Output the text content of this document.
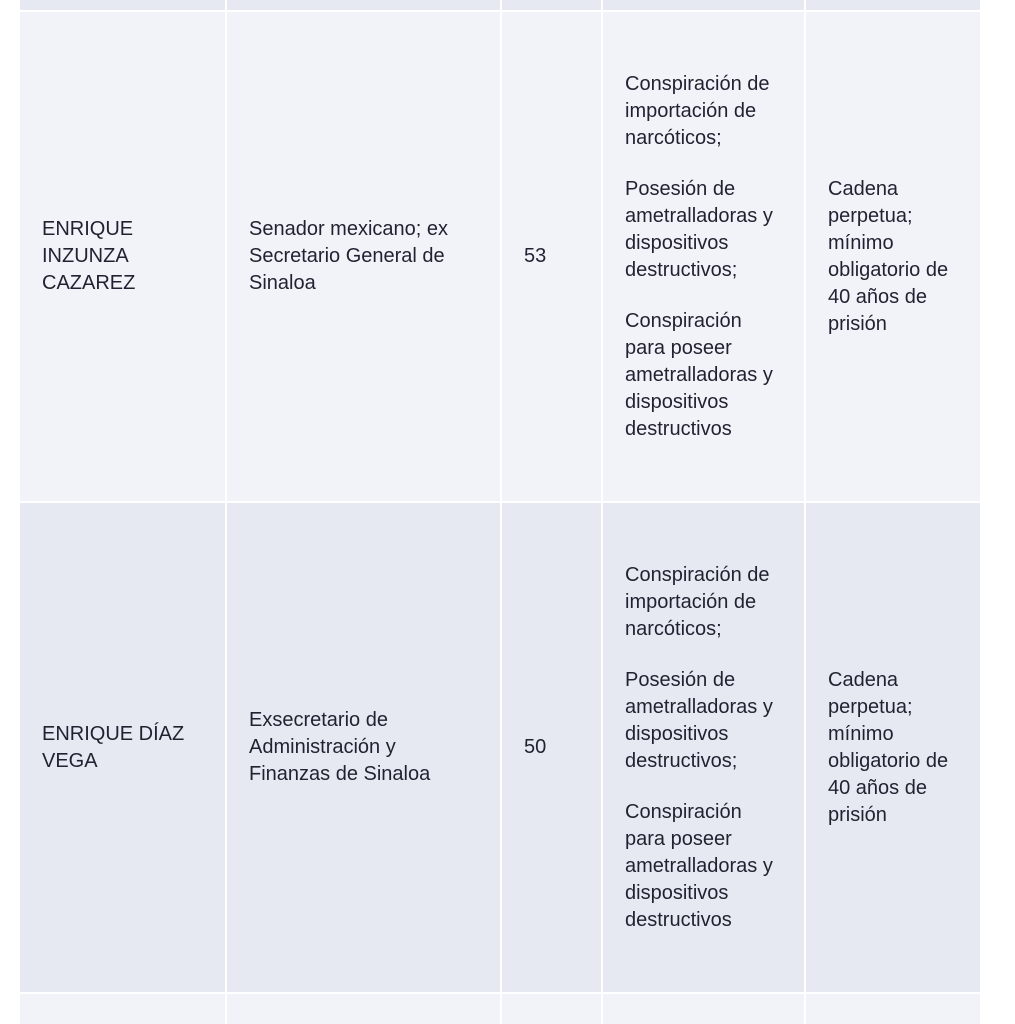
ENRIQUE INZUNZA CAZAREZ	Senador mexicano; ex Secretario General de Sinaloa	53	Conspiración de importación de narcóticos;

Posesión de ametralladoras y dispositivos destructivos;

Conspiración para poseer ametralladoras y dispositivos destructivos	Cadena perpetua; mínimo obligatorio de 40 años de prisión

ENRIQUE DÍAZ VEGA	Exsecretario de Administración y Finanzas de Sinaloa	50	Conspiración de importación de narcóticos;

Posesión de ametralladoras y dispositivos destructivos;

Conspiración para poseer ametralladoras y dispositivos destructivos	Cadena perpetua; mínimo obligatorio de 40 años de prisión
